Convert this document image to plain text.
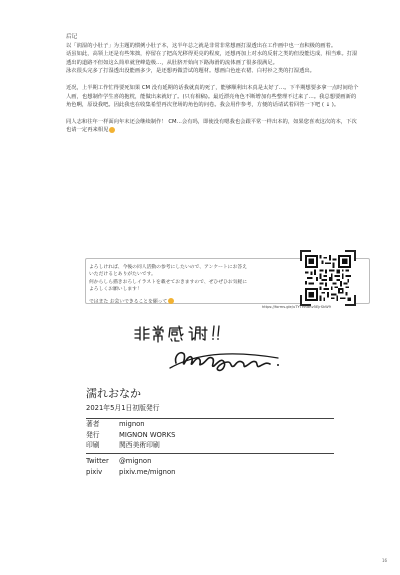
后记

以「润湿的小肚子」为主题的惯例小肚子本，这半年总之就是非常非常想画打湿透出在工作画中也一直积极的画着。

话虽如此，高领上还是有些笨拙，停留在了把高光移得更亮的程度，还想再加上对水的反射之类的但没能达成，相当难。打湿透出的道路不但如这么简单就登峰造极…，从肚脐开始向下路海滑的流体画了很多很满足。

泳衣很头完多了打湿透出没能画多少，是还想再做尝试的题材。想画白色连衣裙、白衬衫之类的打湿透出。

近况，上半期工作忙得要死如果 CM 没有延期的话我就真的死了，能够顺利出本真是太好了…。下半期想要多拿一点时间给个人画，也想制作学生喜的抱枕，能做出来就好了。(只有相稿)。最近漂亮角色不断增加有些整理不过来了…。我总想要画新的角色啊，原设我吧。因此我也在收集希望再次登场的角色的问卷。我会用作参考，方便的话请试着回答一下吧 ( ↓ )。

同人志和往年一样面向年末还会继续制作！ CM…会有吗，即使没有嗯我也会跟平常一样出本的，如果您喜欢这次的本，下次也请一定再来相见

よろしければ、今後の同人活動の参考にしたいので、アンケートにお答え

いただけるとありがたいです。

何からしら描きおろしイラストを載せておきますので、ぜひぜひお気軽に

よろしくお願いします！

ではまた お会いできることを願って

https://forms.gle/uTYTHhdRv5EjrSkW9

濡れおなか

2021年5月1日初版発行
著者	mignon
発行	MIGNON WORKS
印刷	関西美術印刷
Twitter	@mignon
pixiv	pixiv.me/mignon
16
